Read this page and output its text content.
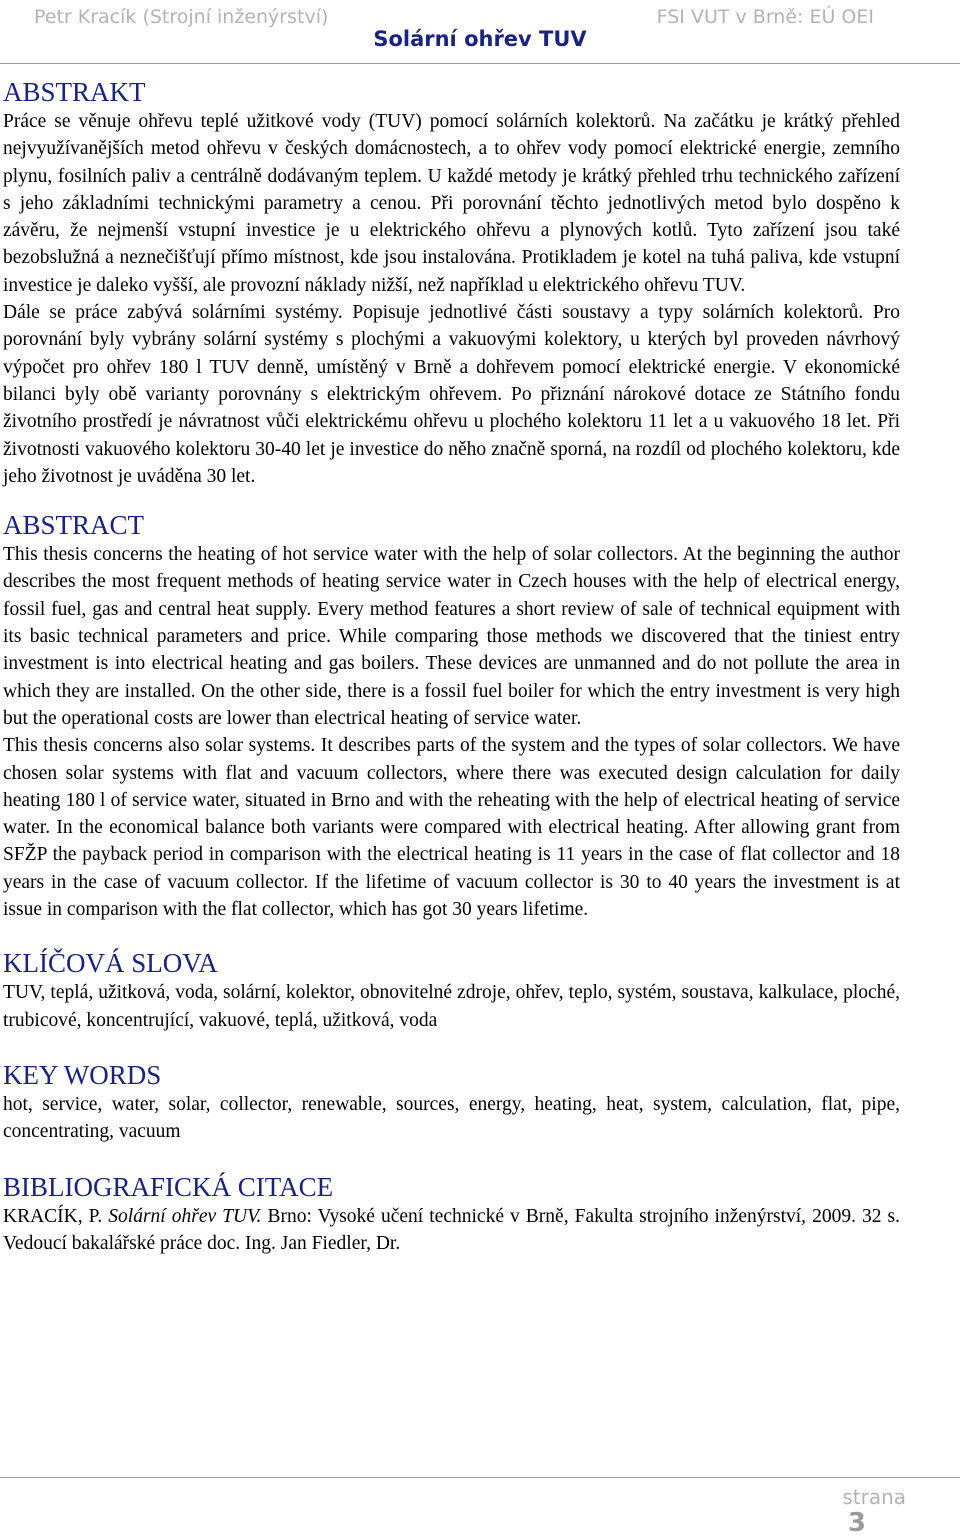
Petr Kracík (Strojní inženýrství)	FSI VUT v Brně: EÚ OEI
Solární ohřev TUV
ABSTRAKT

Práce se věnuje ohřevu teplé užitkové vody (TUV) pomocí solárních kolektorů. Na začátku je krátký přehled nejvyužívanějších metod ohřevu v českých domácnostech, a to ohřev vody pomocí elektrické energie, zemního plynu, fosilních paliv a centrálně dodávaným teplem. U každé metody je krátký přehled trhu technického zařízení s jeho základními technickými parametry a cenou. Při porovnání těchto jednotlivých metod bylo dospěno k závěru, že nejmenší vstupní investice je u elektrického ohřevu a plynových kotlů. Tyto zařízení jsou také bezobslužná a neznečišťují přímo místnost, kde jsou instalována. Protikladem je kotel na tuhá paliva, kde vstupní investice je daleko vyšší, ale provozní náklady nižší, než například u elektrického ohřevu TUV.

Dále se práce zabývá solárními systémy. Popisuje jednotlivé části soustavy a typy solárních kolektorů. Pro porovnání byly vybrány solární systémy s plochými a vakuovými kolektory, u kterých byl proveden návrhový výpočet pro ohřev 180 l TUV denně, umístěný v Brně a dohřevem pomocí elektrické energie. V ekonomické bilanci byly obě varianty porovnány s elektrickým ohřevem. Po přiznání nárokové dotace ze Státního fondu životního prostředí je návratnost vůči elektrickému ohřevu u plochého kolektoru 11 let a u vakuového 18 let. Při životnosti vakuového kolektoru 30-40 let je investice do něho značně sporná, na rozdíl od plochého kolektoru, kde jeho životnost je uváděna 30 let.

ABSTRACT

This thesis concerns the heating of hot service water with the help of solar collectors. At the beginning the author describes the most frequent methods of heating service water in Czech houses with the help of electrical energy, fossil fuel, gas and central heat supply. Every method features a short review of sale of technical equipment with its basic technical parameters and price. While comparing those methods we discovered that the tiniest entry investment is into electrical heating and gas boilers. These devices are unmanned and do not pollute the area in which they are installed. On the other side, there is a fossil fuel boiler for which the entry investment is very high but the operational costs are lower than electrical heating of service water.

This thesis concerns also solar systems. It describes parts of the system and the types of solar collectors. We have chosen solar systems with flat and vacuum collectors, where there was executed design calculation for daily heating 180 l of service water, situated in Brno and with the reheating with the help of electrical heating of service water. In the economical balance both variants were compared with electrical heating. After allowing grant from SFŽP the payback period in comparison with the electrical heating is 11 years in the case of flat collector and 18 years in the case of vacuum collector. If the lifetime of vacuum collector is 30 to 40 years the investment is at issue in comparison with the flat collector, which has got 30 years lifetime.

KLÍČOVÁ SLOVA

TUV, teplá, užitková, voda, solární, kolektor, obnovitelné zdroje, ohřev, teplo, systém, soustava, kalkulace, ploché, trubicové, koncentrující, vakuové, teplá, užitková, voda

KEY WORDS

hot, service, water, solar, collector, renewable, sources, energy, heating, heat, system, calculation, flat, pipe, concentrating, vacuum

BIBLIOGRAFICKÁ CITACE

KRACÍK, P. Solární ohřev TUV. Brno: Vysoké učení technické v Brně, Fakulta strojního inženýrství, 2009. 32 s. Vedoucí bakalářské práce doc. Ing. Jan Fiedler, Dr.

strana
3
